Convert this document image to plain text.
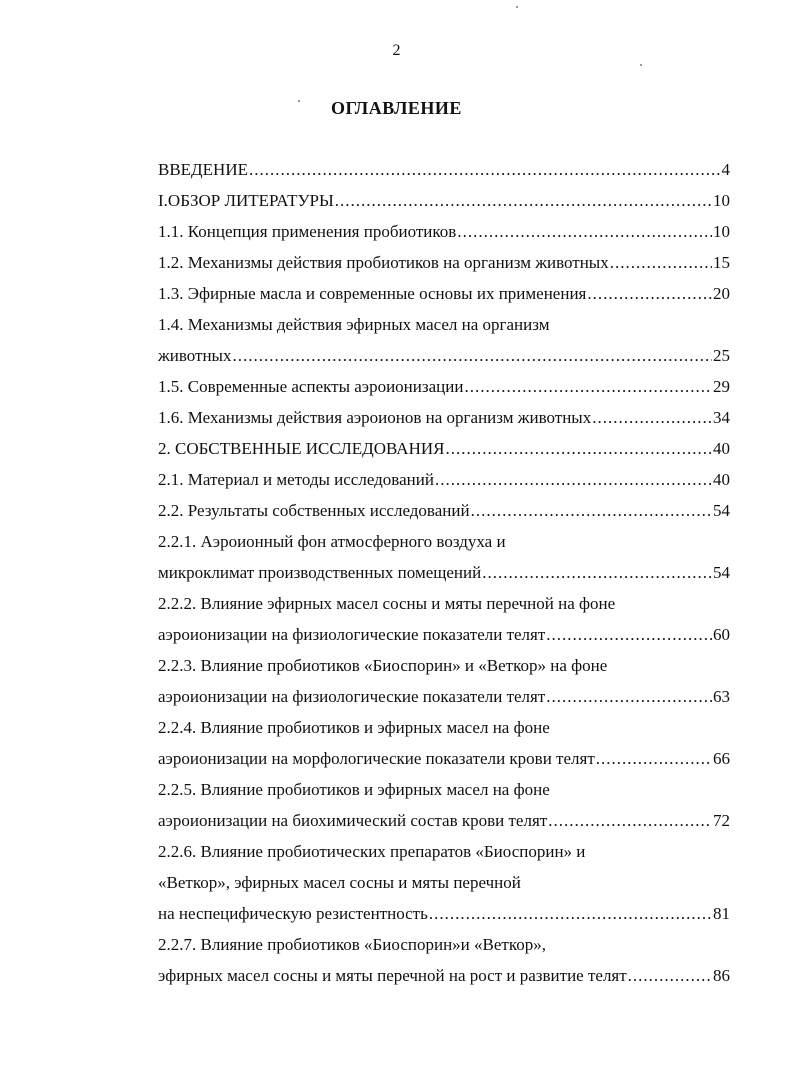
2
ОГЛАВЛЕНИЕ
ВВЕДЕНИЕ .....	4
I.ОБЗОР ЛИТЕРАТУРЫ .....	10
1.1. Концепция применения пробиотиков .....	10
1.2. Механизмы действия пробиотиков на организм животных .....	15
1.3. Эфирные масла и современные основы их применения .....	20
1.4. Механизмы действия эфирных масел на организм
животных .....	25
1.5. Современные аспекты аэроионизации .....	29
1.6. Механизмы действия аэроионов на организм животных .....	34
2. СОБСТВЕННЫЕ ИССЛЕДОВАНИЯ .....	40
2.1. Материал и методы исследований .....	40
2.2. Результаты собственных исследований .....	54
2.2.1. Аэроионный фон атмосферного воздуха и
микроклимат производственных помещений .....	54
2.2.2. Влияние эфирных масел сосны и мяты перечной на фоне
аэроионизации на физиологические показатели телят .....	60
2.2.3. Влияние пробиотиков «Биоспорин» и «Веткор» на фоне
аэроионизации на физиологические показатели телят .....	63
2.2.4. Влияние пробиотиков и эфирных масел на фоне
аэроионизации на морфологические показатели крови телят .....	66
2.2.5. Влияние пробиотиков и эфирных масел на фоне
аэроионизации на биохимический состав крови телят .....	72
2.2.6. Влияние пробиотических препаратов «Биоспорин» и
«Веткор», эфирных масел сосны и мяты перечной
на неспецифическую резистентность .....	81
2.2.7. Влияние пробиотиков «Биоспорин»и «Веткор»,
эфирных масел сосны и мяты перечной на рост и развитие телят .....	86
